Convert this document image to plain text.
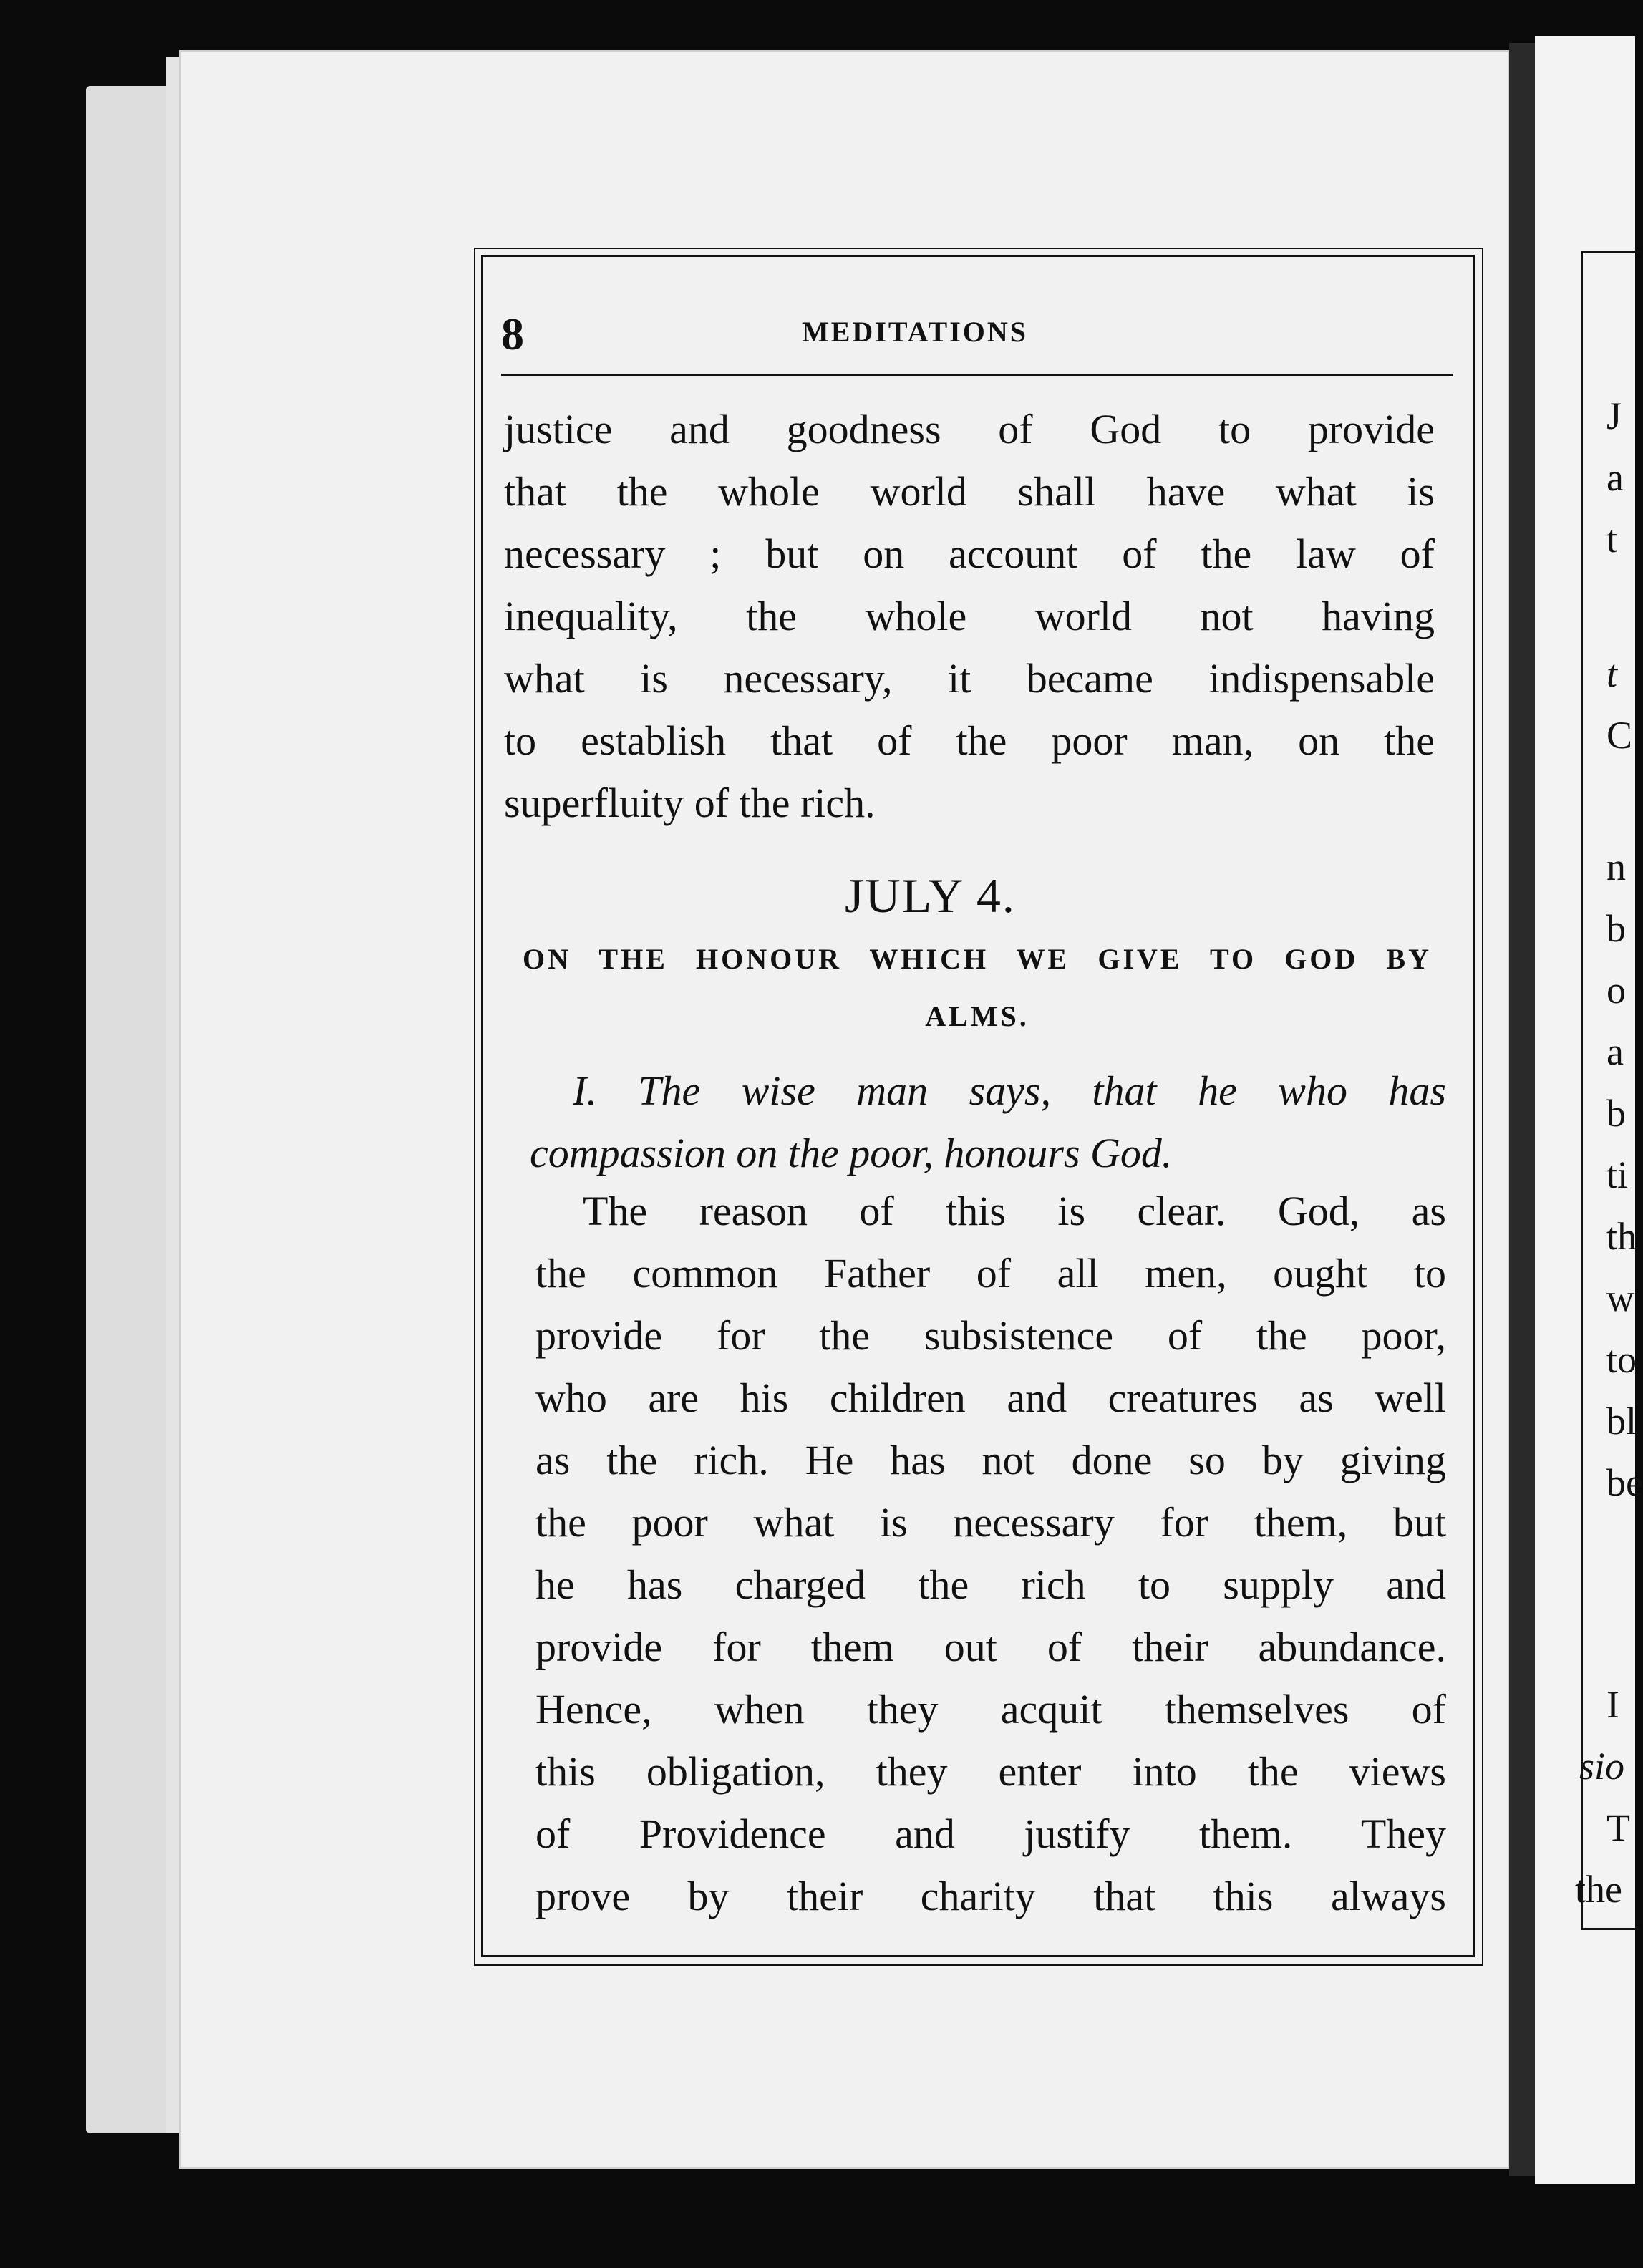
J
a
t
t
C
n
b
o
a
b
ti
th
w
to
bl
be
I
sio
T
the
8	MEDITATIONS
justice and goodness of God to provide
that the whole world shall have what is
necessary ; but on account of the law of
inequality, the whole world not having
what is necessary, it became indispensable
to establish that of the poor man, on the
superfluity of the rich.
JULY 4.
ON THE HONOUR WHICH WE GIVE TO GOD BY
ALMS.
I. The wise man says, that he who has
compassion on the poor, honours God.
The reason of this is clear. God, as
the common Father of all men, ought to
provide for the subsistence of the poor,
who are his children and creatures as well
as the rich. He has not done so by giving
the poor what is necessary for them, but
he has charged the rich to supply and
provide for them out of their abundance.
Hence, when they acquit themselves of
this obligation, they enter into the views
of Providence and justify them. They
prove by their charity that this always
